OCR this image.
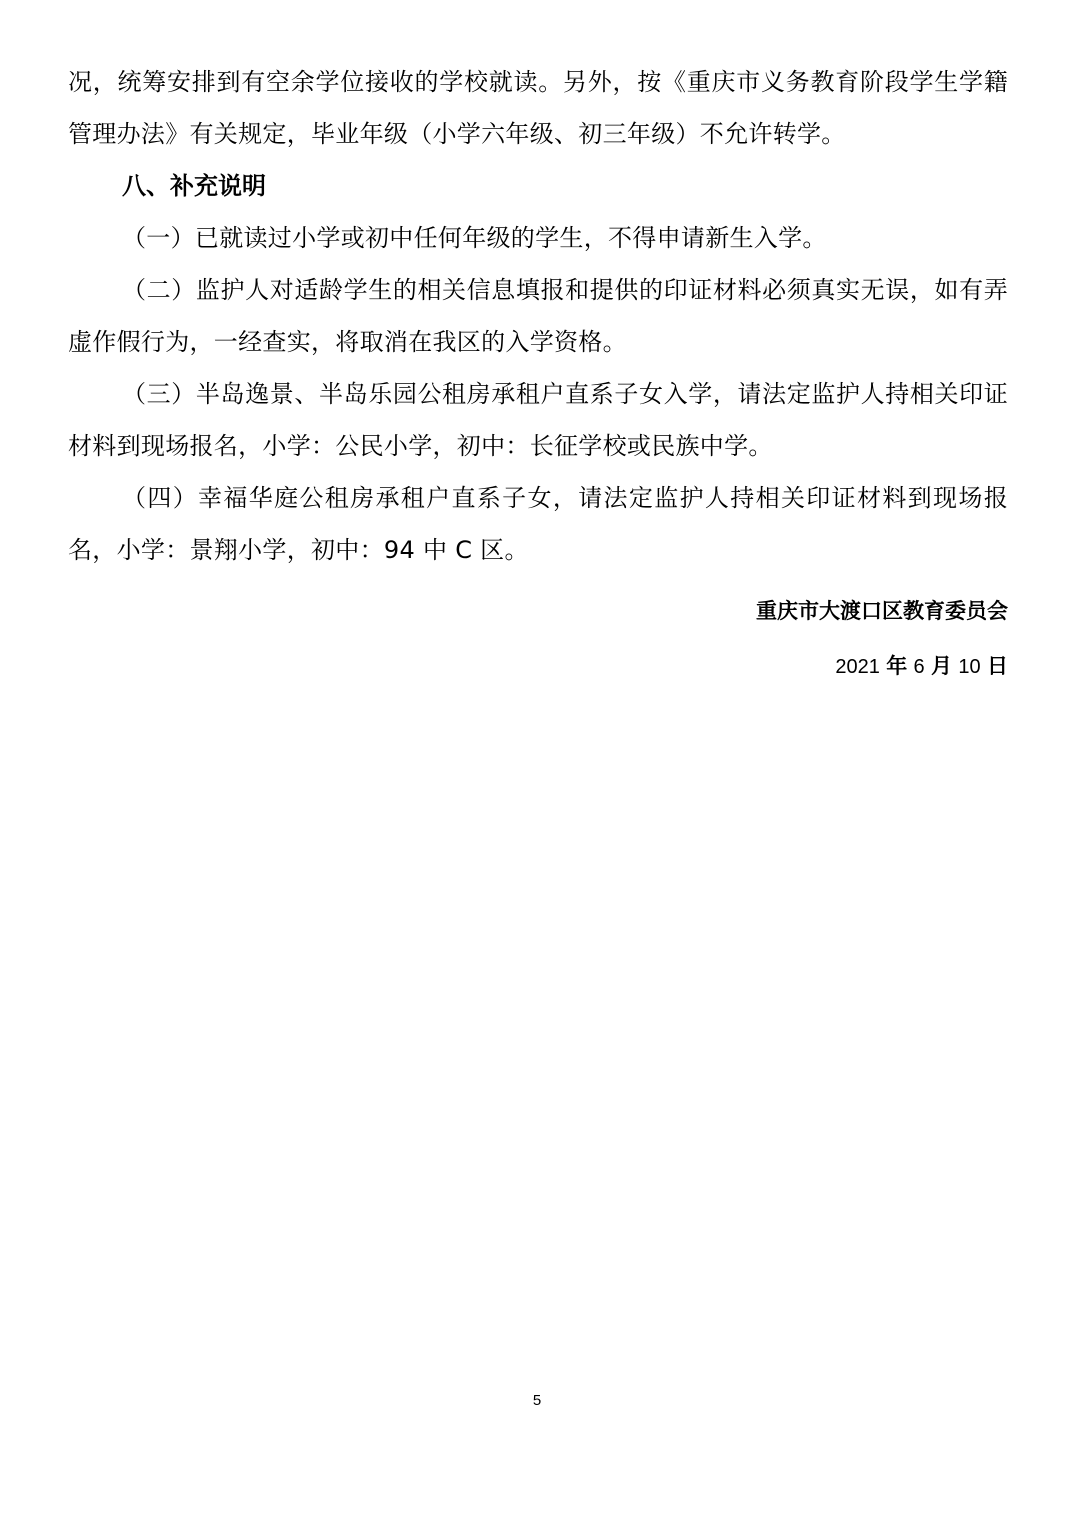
况，统筹安排到有空余学位接收的学校就读。另外，按《重庆市义务教育阶段学生学籍管理办法》有关规定，毕业年级（小学六年级、初三年级）不允许转学。

八、补充说明

（一）已就读过小学或初中任何年级的学生，不得申请新生入学。

（二）监护人对适龄学生的相关信息填报和提供的印证材料必须真实无误，如有弄虚作假行为，一经查实，将取消在我区的入学资格。

（三）半岛逸景、半岛乐园公租房承租户直系子女入学，请法定监护人持相关印证材料到现场报名，小学：公民小学，初中：长征学校或民族中学。

（四）幸福华庭公租房承租户直系子女，请法定监护人持相关印证材料到现场报名，小学：景翔小学，初中：94 中 C 区。

重庆市大渡口区教育委员会
2021 年 6 月 10 日
5
